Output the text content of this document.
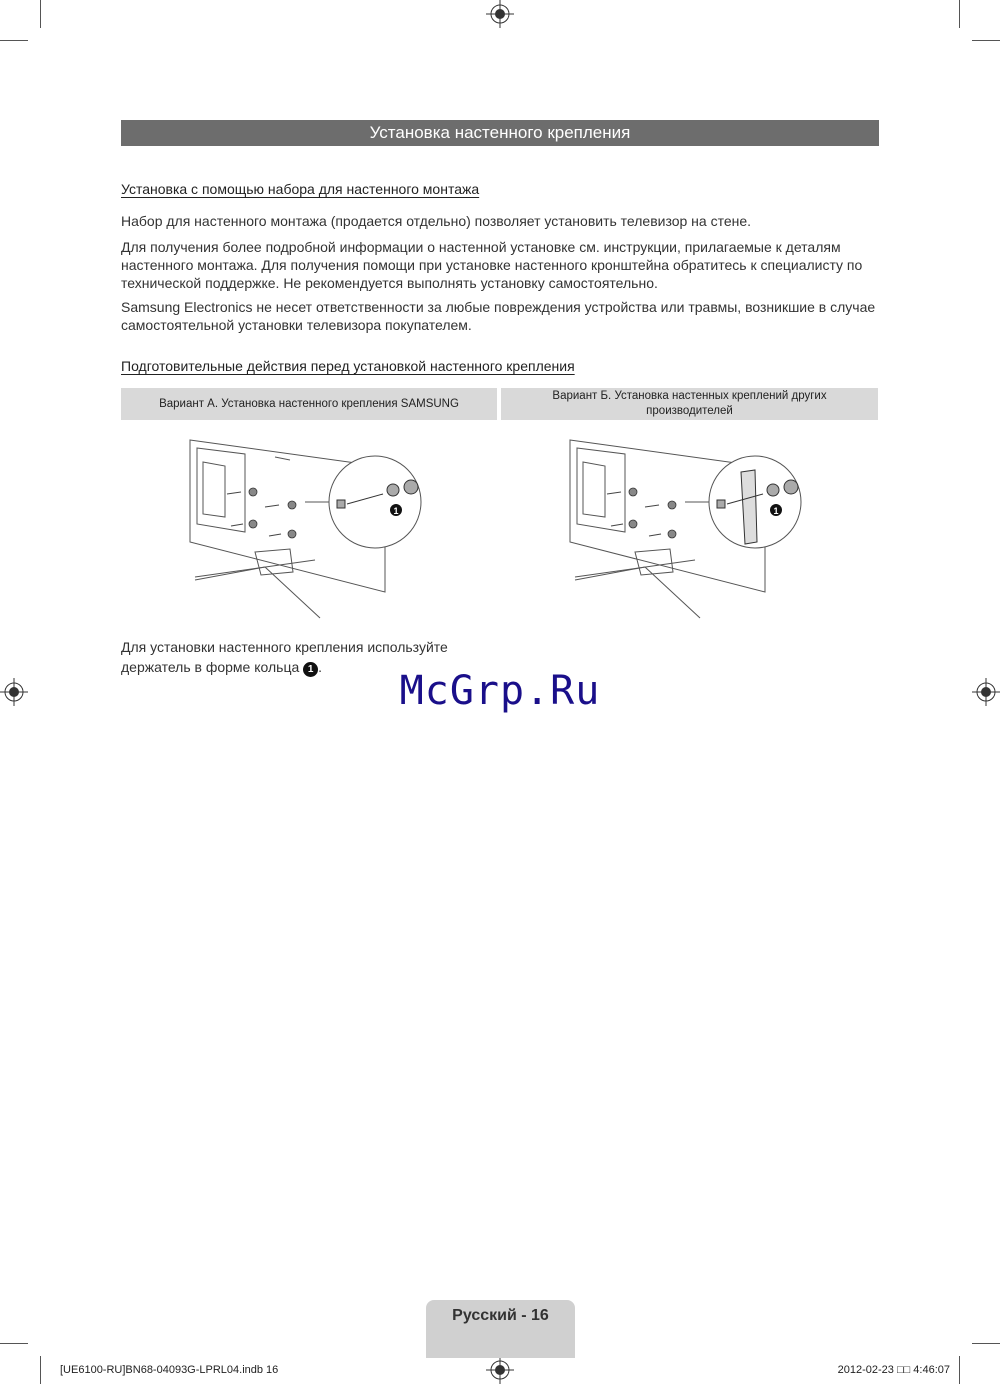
Установка настенного крепления
Установка с помощью набора для настенного монтажа
Набор для настенного монтажа (продается отдельно) позволяет установить телевизор на стене.
Для получения более подробной информации о настенной установке см. инструкции, прилагаемые к деталям настенного монтажа. Для получения помощи при установке настенного кронштейна обратитесь к специалисту по технической поддержке. Не рекомендуется выполнять установку самостоятельно.
Samsung Electronics не несет ответственности за любые повреждения устройства или травмы, возникшие в случае самостоятельной установки телевизора покупателем.
Подготовительные действия перед установкой настенного крепления
Вариант А. Установка настенного крепления SAMSUNG
Вариант Б. Установка настенных креплений других производителей
1	1
Для установки настенного крепления используйте держатель в форме кольца 1 .
McGrp.Ru
Русский - 16
[UE6100-RU]BN68-04093G-LPRL04.indb 16	2012-02-23 □□ 4:46:07
